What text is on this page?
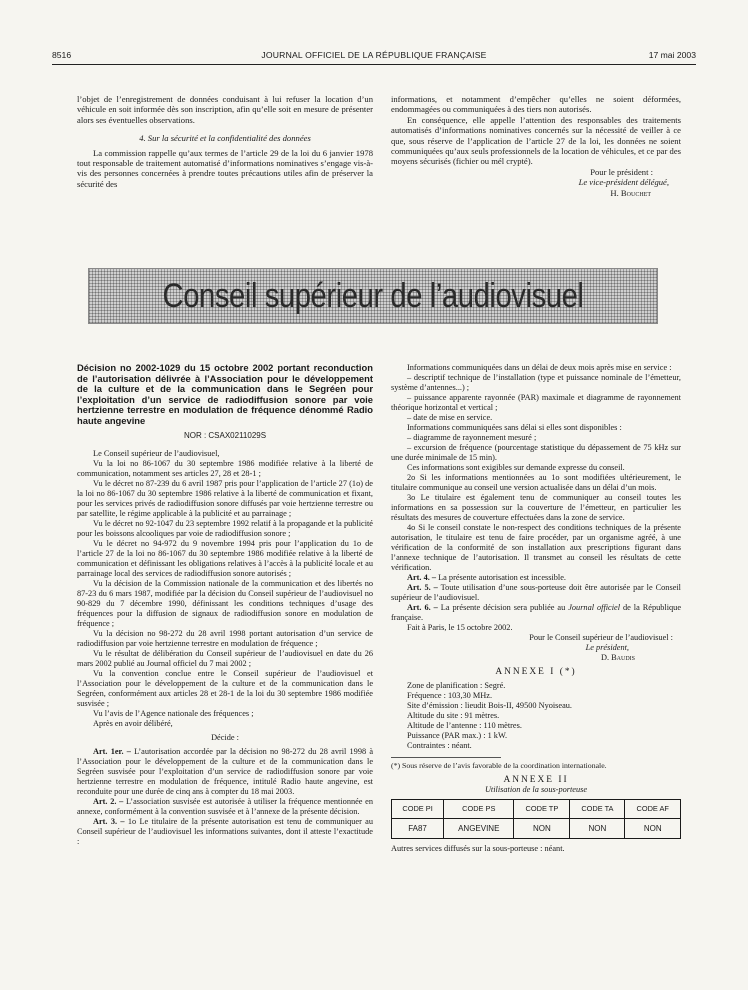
8516	JOURNAL OFFICIEL DE LA RÉPUBLIQUE FRANÇAISE	17 mai 2003

l’objet de l’enregistrement de données conduisant à lui refuser la location d’un véhicule en soit informée dès son inscription, afin qu’elle soit en mesure de présenter alors ses éventuelles observations.

4. Sur la sécurité et la confidentialité des données

La commission rappelle qu’aux termes de l’article 29 de la loi du 6 janvier 1978 tout responsable de traitement automatisé d’informations nominatives s’engage vis-à-vis des personnes concernées à prendre toutes précautions utiles afin de préserver la sécurité des

informations, et notamment d’empêcher qu’elles ne soient déformées, endommagées ou communiquées à des tiers non autorisés.

En conséquence, elle appelle l’attention des responsables des traitements automatisés d’informations nominatives concernés sur la nécessité de veiller à ce que, sous réserve de l’application de l’article 27 de la loi, les données ne soient communiquées qu’aux seuls professionnels de la location de véhicules, et ce par des moyens sécurisés (fichier ou mél crypté).

Pour le président :

Le vice-président délégué,

H. Bouchet

Conseil supérieur de l’audiovisuel

Décision no 2002-1029 du 15 octobre 2002 portant reconduction de l’autorisation délivrée à l’Association pour le développement de la culture et de la communication dans le Segréen pour l’exploitation d’un service de radiodiffusion sonore par voie hertzienne terrestre en modulation de fréquence dénommé Radio haute angevine

NOR : CSAX0211029S

Le Conseil supérieur de l’audiovisuel,

Vu la loi no 86-1067 du 30 septembre 1986 modifiée relative à la liberté de communication, notamment ses articles 27, 28 et 28-1 ;

Vu le décret no 87-239 du 6 avril 1987 pris pour l’application de l’article 27 (1o) de la loi no 86-1067 du 30 septembre 1986 relative à la liberté de communication et fixant, pour les services privés de radiodiffusion sonore diffusés par voie hertzienne terrestre ou par satellite, le régime applicable à la publicité et au parrainage ;

Vu le décret no 92-1047 du 23 septembre 1992 relatif à la propagande et la publicité pour les boissons alcooliques par voie de radiodiffusion sonore ;

Vu le décret no 94-972 du 9 novembre 1994 pris pour l’application du 1o de l’article 27 de la loi no 86-1067 du 30 septembre 1986 modifiée relative à la liberté de communication et définissant les obligations relatives à l’accès à la publicité locale et au parrainage local des services de radiodiffusion sonore autorisés ;

Vu la décision de la Commission nationale de la communication et des libertés no 87-23 du 6 mars 1987, modifiée par la décision du Conseil supérieur de l’audiovisuel no 90-829 du 7 décembre 1990, définissant les conditions techniques d’usage des fréquences pour la diffusion de signaux de radiodiffusion sonore en modulation de fréquence ;

Vu la décision no 98-272 du 28 avril 1998 portant autorisation d’un service de radiodiffusion par voie hertzienne terrestre en modulation de fréquence ;

Vu le résultat de délibération du Conseil supérieur de l’audiovisuel en date du 26 mars 2002 publié au Journal officiel du 7 mai 2002 ;

Vu la convention conclue entre le Conseil supérieur de l’audiovisuel et l’Association pour le développement de la culture et de la communication dans le Segréen, conformément aux articles 28 et 28-1 de la loi du 30 septembre 1986 modifiée susvisée ;

Vu l’avis de l’Agence nationale des fréquences ;

Après en avoir délibéré,

Décide :

Art. 1er. – L’autorisation accordée par la décision no 98-272 du 28 avril 1998 à l’Association pour le développement de la culture et de la communication dans le Segréen susvisée pour l’exploitation d’un service de radiodiffusion sonore par voie hertzienne terrestre en modulation de fréquence, intitulé Radio haute angevine, est reconduite pour une durée de cinq ans à compter du 18 mai 2003.

Art. 2. – L’association susvisée est autorisée à utiliser la fréquence mentionnée en annexe, conformément à la convention susvisée et à l’annexe de la présente décision.

Art. 3. – 1o Le titulaire de la présente autorisation est tenu de communiquer au Conseil supérieur de l’audiovisuel les informations suivantes, dont il atteste l’exactitude :

Informations communiquées dans un délai de deux mois après mise en service :

– descriptif technique de l’installation (type et puissance nominale de l’émetteur, système d’antennes...) ;

– puissance apparente rayonnée (PAR) maximale et diagramme de rayonnement théorique horizontal et vertical ;

– date de mise en service.

Informations communiquées sans délai si elles sont disponibles :

– diagramme de rayonnement mesuré ;

– excursion de fréquence (pourcentage statistique du dépassement de 75 kHz sur une durée minimale de 15 min).

Ces informations sont exigibles sur demande expresse du conseil.

2o Si les informations mentionnées au 1o sont modifiées ultérieurement, le titulaire communique au conseil une version actualisée dans un délai d’un mois.

3o Le titulaire est également tenu de communiquer au conseil toutes les informations en sa possession sur la couverture de l’émetteur, en particulier les résultats des mesures de couverture effectuées dans la zone de service.

4o Si le conseil constate le non-respect des conditions techniques de la présente autorisation, le titulaire est tenu de faire procéder, par un organisme agréé, à une vérification de la conformité de son installation aux prescriptions figurant dans l’annexe technique de l’autorisation. Il transmet au conseil les résultats de cette vérification.

Art. 4. – La présente autorisation est incessible.

Art. 5. – Toute utilisation d’une sous-porteuse doit être autorisée par le Conseil supérieur de l’audiovisuel.

Art. 6. – La présente décision sera publiée au Journal officiel de la République française.

Fait à Paris, le 15 octobre 2002.

Pour le Conseil supérieur de l’audiovisuel :

Le président,

D. Baudis

ANNEXE I (*)

Zone de planification : Segré.

Fréquence : 103,30 MHz.

Site d’émission : lieudit Bois-II, 49500 Nyoiseau.

Altitude du site : 91 mètres.

Altitude de l’antenne : 110 mètres.

Puissance (PAR max.) : 1 kW.

Contraintes : néant.

(*) Sous réserve de l’avis favorable de la coordination internationale.

ANNEXE II

Utilisation de la sous-porteuse

CODE PI	CODE PS	CODE TP	CODE TA	CODE AF
FA87	ANGEVINE	NON	NON	NON

Autres services diffusés sur la sous-porteuse : néant.
